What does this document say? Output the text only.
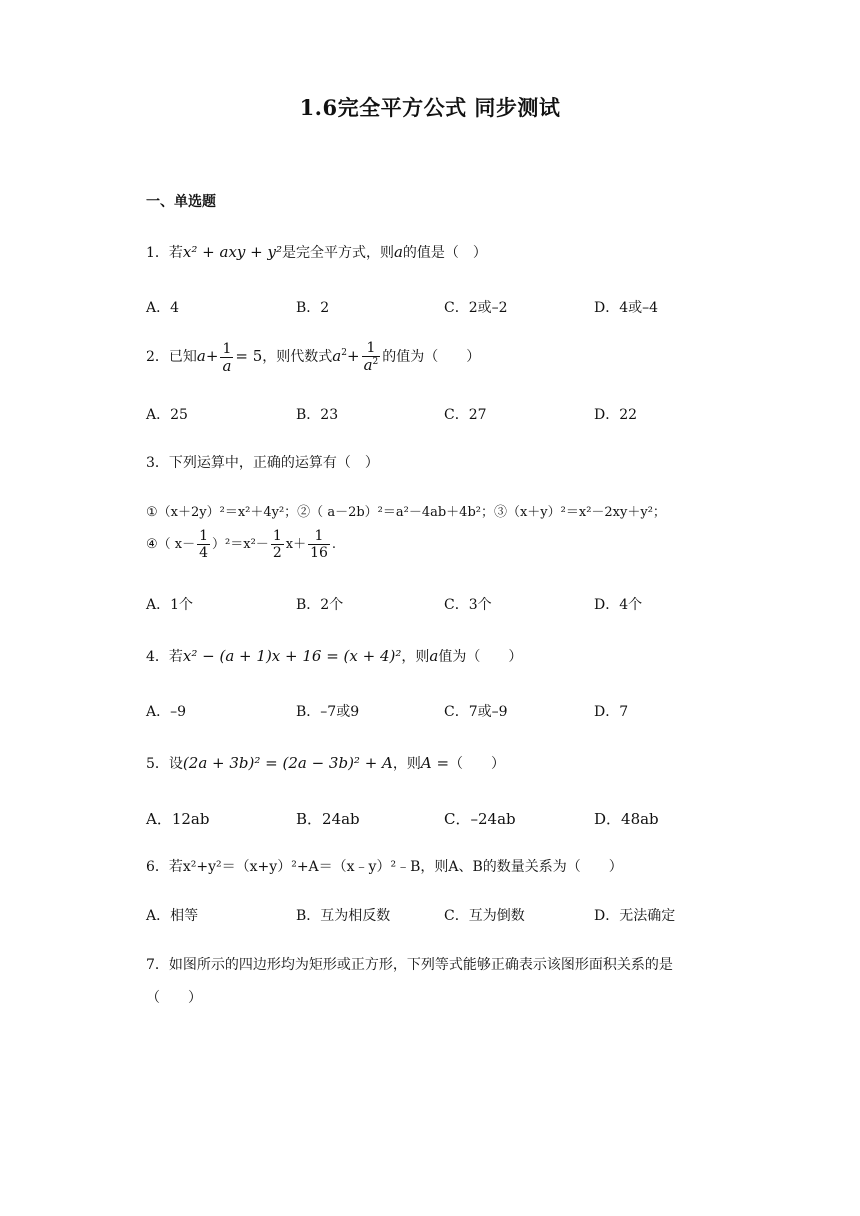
1.6完全平方公式 同步测试
一、单选题
1．若x² + axy + y²是完全平方式，则a的值是（　）
A．4	B．2	C．2或–2	D．4或–4
2．已知$a+ \frac{1}{a} = 5$，则代数式$a^2+ \frac{1}{a^2}$ 的值为（　　）
A．25	B．23	C．27	D．22
3．下列运算中，正确的运算有（　）
①（x＋2y）²＝x²＋4y²；②（ a－2b）²＝a²－4ab＋4b²；③（x＋y）²＝x²－2xy＋y²；
④（ $x- \frac{1}{4} )^2=x^2- \frac{1}{2} x+ \frac{1}{16}$ .
A．1个	B．2个	C．3个	D．4个
4．若x² − (a + 1)x + 16 = (x + 4)²，则a值为（　　）
A．–9	B．–7或9	C．7或–9	D．7
5．设(2a + 3b)² = (2a − 3b)² + A，则A =（　　）
A．12ab	B．24ab	C．–24ab	D．48ab
6．若x²+y²＝（x+y）²+A＝（x﹣y）²﹣B，则A、B的数量关系为（　　）
A．相等	B．互为相反数	C．互为倒数	D．无法确定
7．如图所示的四边形均为矩形或正方形，下列等式能够正确表示该图形面积关系的是
（　　）
